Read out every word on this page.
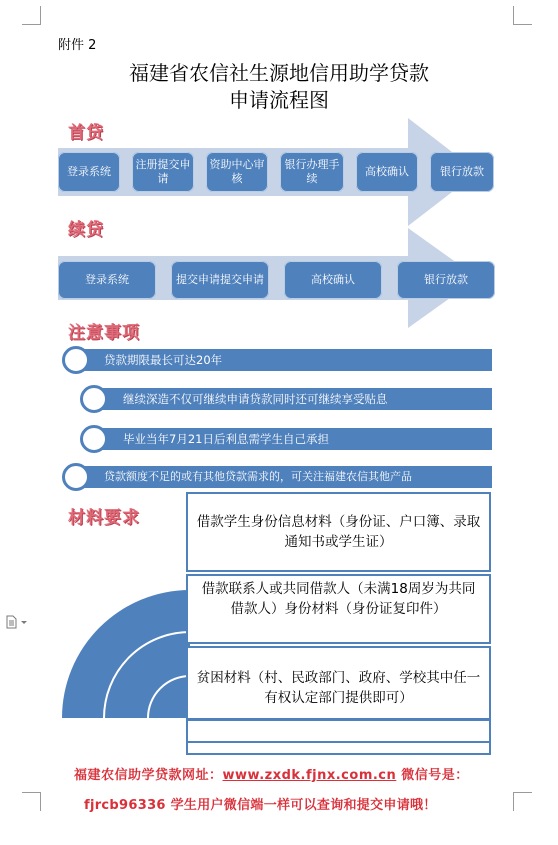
附件 2
福建省农信社生源地信用助学贷款
申请流程图
首贷
登录系统
注册提交申请
资助中心审核
银行办理手续
高校确认	银行放款
续贷
登录系统	提交申请提交申请	高校确认	银行放款
注意事项
贷款期限最长可达20年
继续深造不仅可继续申请贷款同时还可继续享受贴息
毕业当年7月21日后利息需学生自己承担
贷款额度不足的或有其他贷款需求的，可关注福建农信其他产品
材料要求	借款学生身份信息材料（身份证、户口簿、录取通知书或学生证）
借款联系人或共同借款人（未满18周岁为共同借款人）身份材料（身份证复印件）
贫困材料（村、民政部门、政府、学校其中任一有权认定部门提供即可）
福建农信助学贷款网址：www.zxdk.fjnx.com.cn 微信号是：
fjrcb96336 学生用户微信端一样可以查询和提交申请哦！
